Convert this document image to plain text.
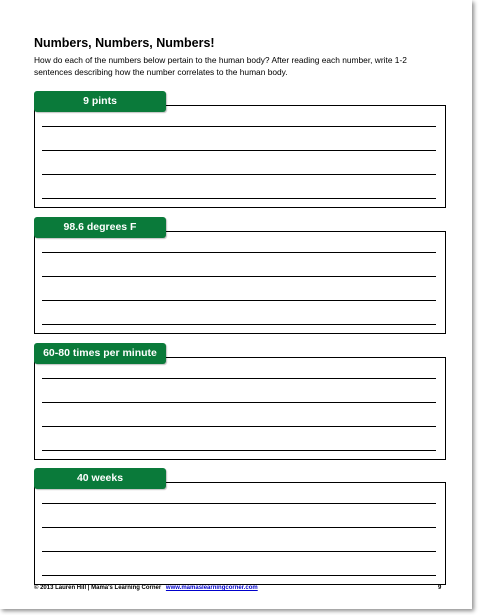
Numbers, Numbers, Numbers!

How do each of the numbers below pertain to the human body? After reading each number, write 1-2 sentences describing how the number correlates to the human body.

9 pints
98.6 degrees F
60-80 times per minute
40 weeks
© 2013 Lauren Hill | Mama's Learning Corner www.mamaslearningcorner.com	9
